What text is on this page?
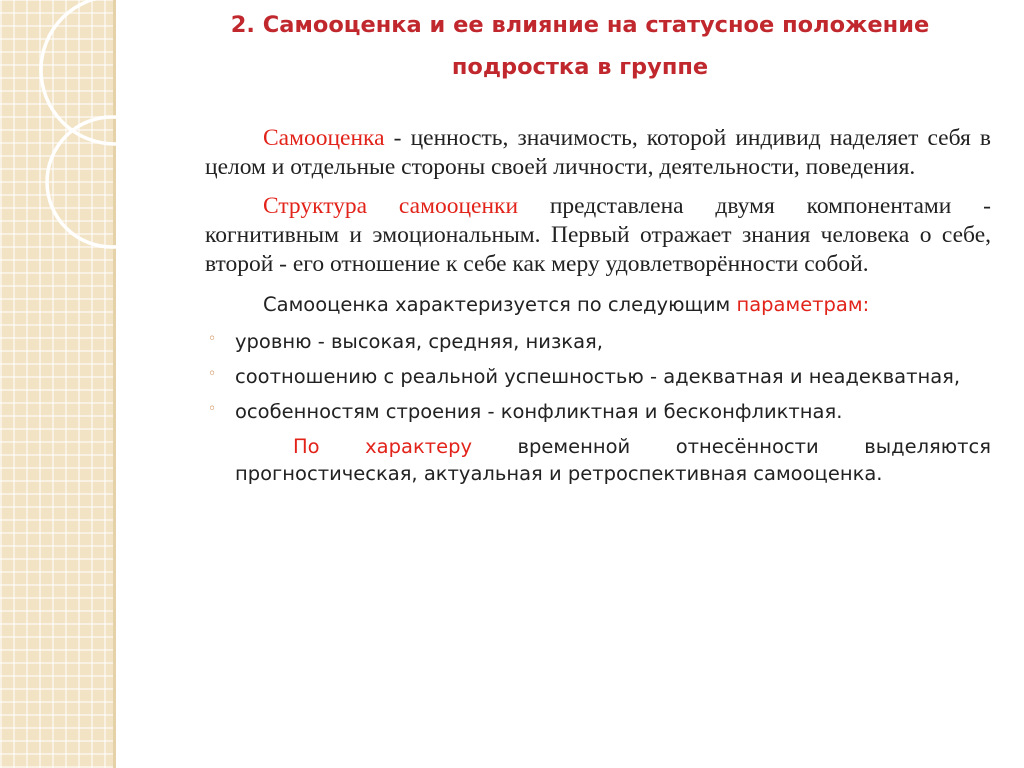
2. Самооценка и ее влияние на статусное положение
подростка в группе

Самооценка - ценность, значимость, которой индивид наделяет себя в целом и отдельные стороны своей личности, деятельности, поведения.

Структура самооценки представлена двумя компонентами - когнитивным и эмоциональным. Первый отражает знания человека о себе, второй - его отношение к себе как меру удовлетворённости собой.

Самооценка характеризуется по следующим параметрам:

◦ уровню - высокая, средняя, низкая,
◦ соотношению с реальной успешностью - адекватная и неадекватная,
◦ особенностям строения - конфликтная и бесконфликтная.

По характеру временной отнесённости выделяются прогностическая, актуальная и ретроспективная самооценка.
